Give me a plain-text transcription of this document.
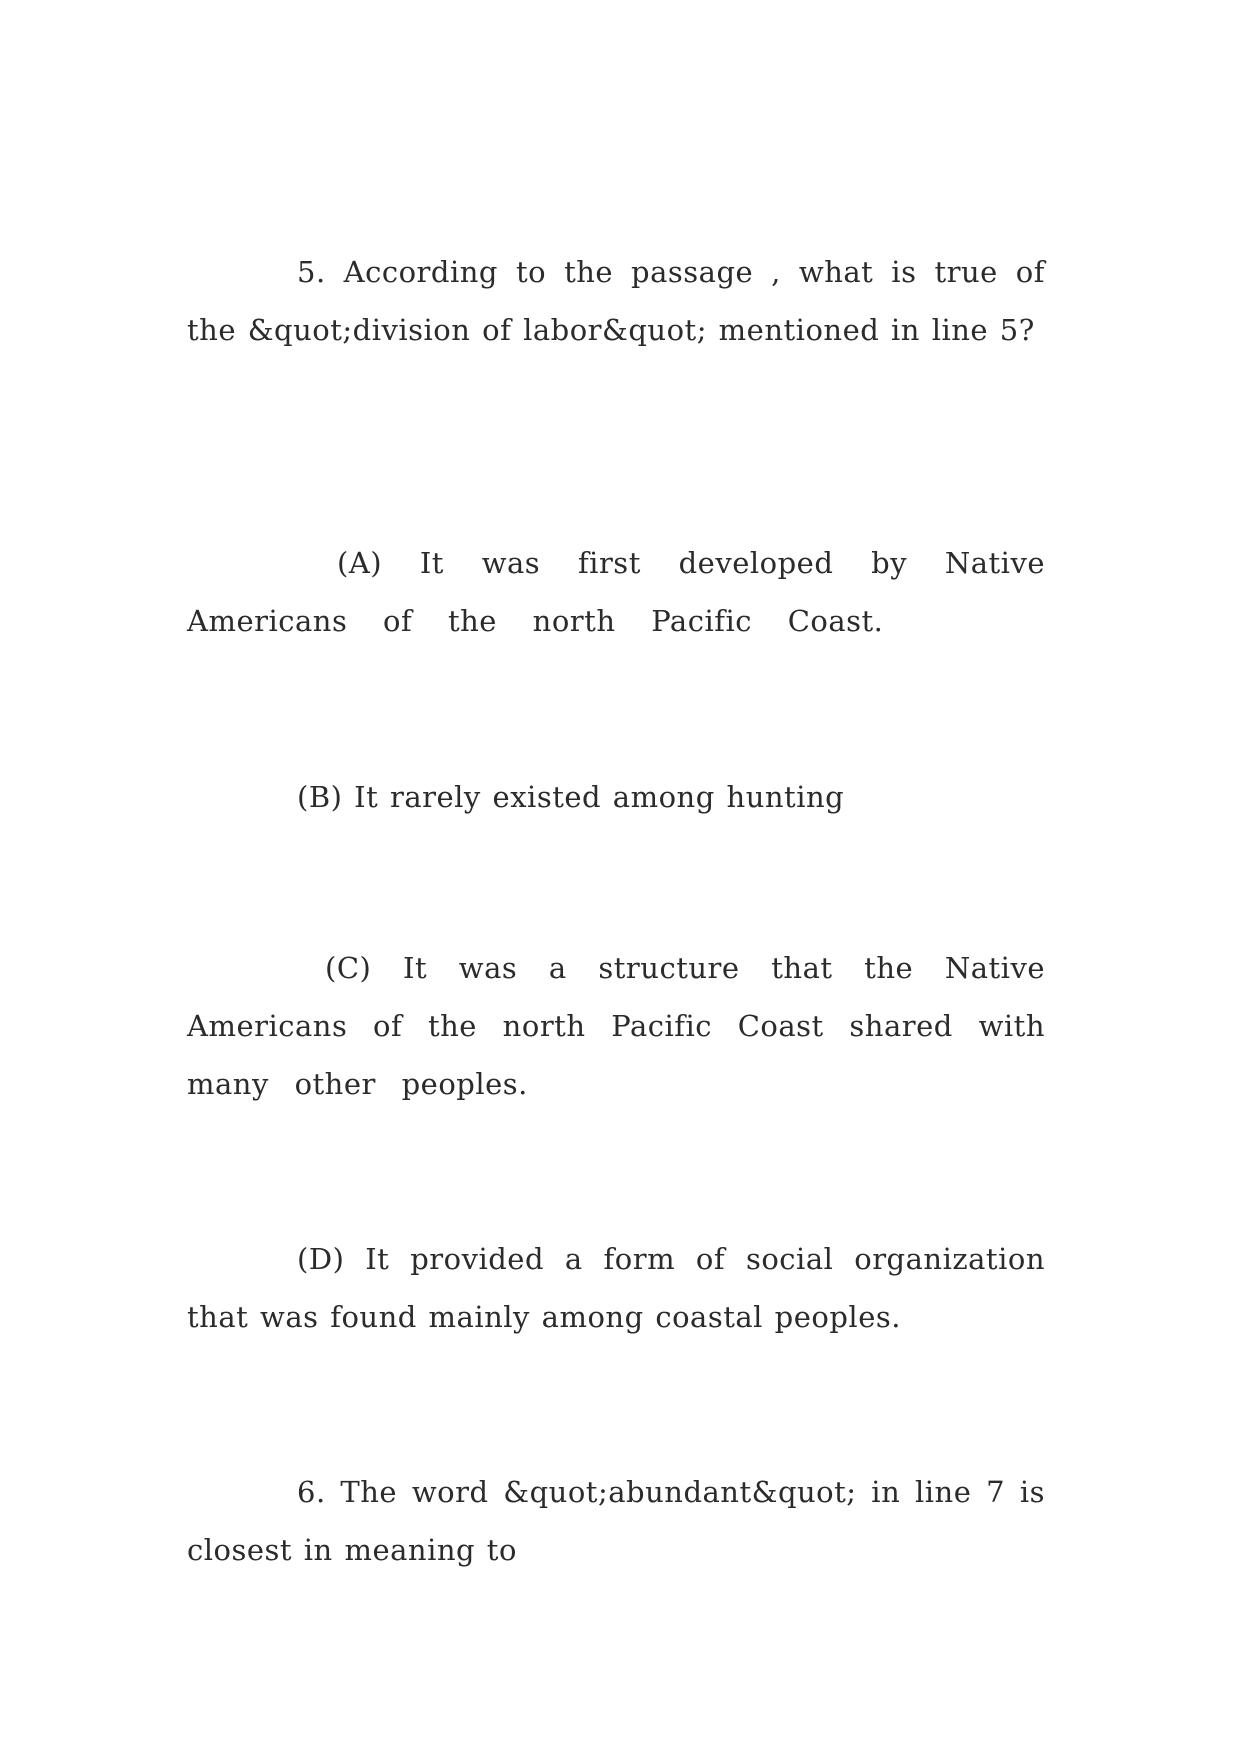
5. According to the passage , what is true of the &quot;division of labor&quot; mentioned in line 5?

(A) It was first developed by Native Americans of the north Pacific Coast.

(B) It rarely existed among hunting

(C) It was a structure that the Native Americans of the north Pacific Coast shared with many other peoples.

(D) It provided a form of social organization that was found mainly among coastal peoples.

6. The word &quot;abundant&quot; in line 7 is closest in meaning to
